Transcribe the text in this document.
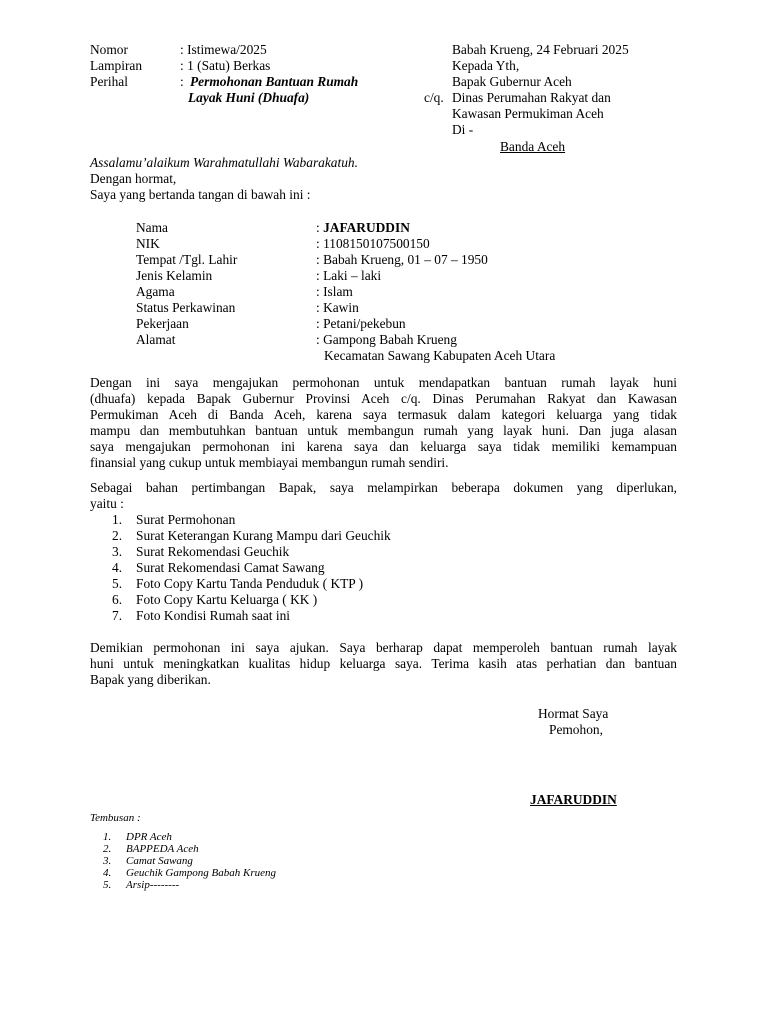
Nomor	: Istimewa/2025
Lampiran	: 1 (Satu) Berkas
Perihal	: Permohonan Bantuan Rumah
Layak Huni (Dhuafa)
Babah Krueng, 24 Februari 2025
Kepada Yth,
Bapak Gubernur Aceh
c/q. Dinas Perumahan Rakyat dan
Kawasan Permukiman Aceh
Di -
Banda Aceh
Assalamu’alaikum Warahmatullahi Wabarakatuh.
Dengan hormat,
Saya yang bertanda tangan di bawah ini :
Nama	: JAFARUDDIN
NIK	: 1108150107500150
Tempat /Tgl. Lahir	: Babah Krueng, 01 – 07 – 1950
Jenis Kelamin	: Laki – laki
Agama	: Islam
Status Perkawinan	: Kawin
Pekerjaan	: Petani/pekebun
Alamat	: Gampong Babah Krueng
Kecamatan Sawang Kabupaten Aceh Utara
Dengan ini saya mengajukan permohonan untuk mendapatkan bantuan rumah layak huni
(dhuafa) kepada Bapak Gubernur Provinsi Aceh c/q. Dinas Perumahan Rakyat dan Kawasan
Permukiman Aceh di Banda Aceh, karena saya termasuk dalam kategori keluarga yang tidak
mampu dan membutuhkan bantuan untuk membangun rumah yang layak huni. Dan juga alasan
saya mengajukan permohonan ini karena saya dan keluarga saya tidak memiliki kemampuan
finansial yang cukup untuk membiayai membangun rumah sendiri.
Sebagai bahan pertimbangan Bapak, saya melampirkan beberapa dokumen yang diperlukan,
yaitu :
1. Surat Permohonan
2. Surat Keterangan Kurang Mampu dari Geuchik
3. Surat Rekomendasi Geuchik
4. Surat Rekomendasi Camat Sawang
5. Foto Copy Kartu Tanda Penduduk ( KTP )
6. Foto Copy Kartu Keluarga ( KK )
7. Foto Kondisi Rumah saat ini
Demikian permohonan ini saya ajukan. Saya berharap dapat memperoleh bantuan rumah layak
huni untuk meningkatkan kualitas hidup keluarga saya. Terima kasih atas perhatian dan bantuan
Bapak yang diberikan.
Hormat Saya
Pemohon,
JAFARUDDIN
Tembusan :
1. DPR Aceh
2. BAPPEDA Aceh
3. Camat Sawang
4. Geuchik Gampong Babah Krueng
5. Arsip--------
